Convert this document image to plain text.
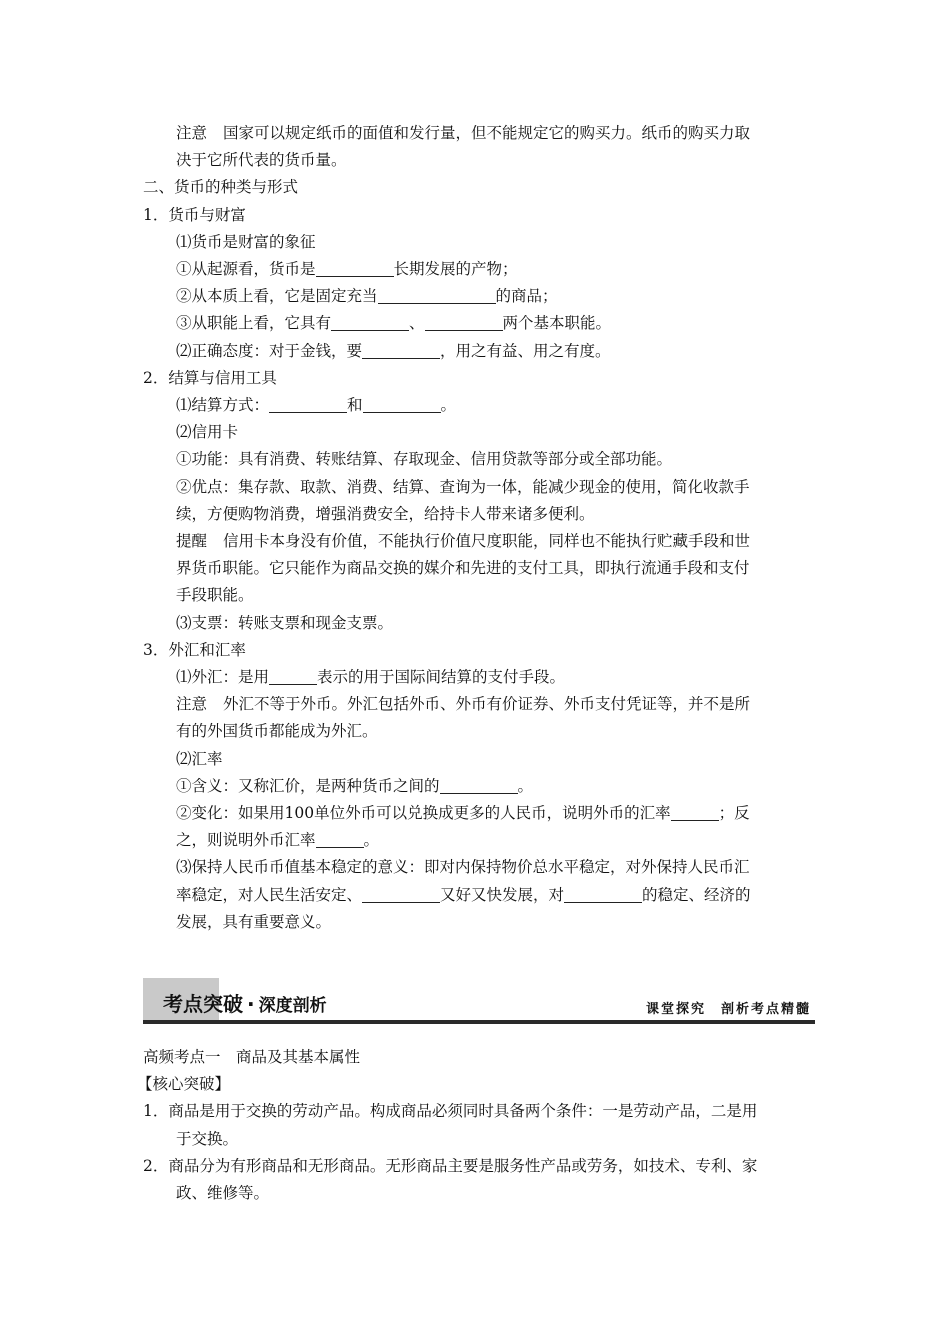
注意 国家可以规定纸币的面值和发行量，但不能规定它的购买力。纸币的购买力取
决于它所代表的货币量。
二、货币的种类与形式
1．货币与财富
⑴货币是财富的象征
①从起源看，货币是	长期发展的产物；
②从本质上看，它是固定充当	的商品；
③从职能上看，它具有	、	两个基本职能。
⑵正确态度：对于金钱，要	，用之有益、用之有度。
2．结算与信用工具
⑴结算方式：	和	。
⑵信用卡
①功能：具有消费、转账结算、存取现金、信用贷款等部分或全部功能。
②优点：集存款、取款、消费、结算、查询为一体，能减少现金的使用，简化收款手
续，方便购物消费，增强消费安全，给持卡人带来诸多便利。
提醒 信用卡本身没有价值，不能执行价值尺度职能，同样也不能执行贮藏手段和世
界货币职能。它只能作为商品交换的媒介和先进的支付工具，即执行流通手段和支付
手段职能。
⑶支票：转账支票和现金支票。
3．外汇和汇率
⑴外汇：是用	表示的用于国际间结算的支付手段。
注意 外汇不等于外币。外汇包括外币、外币有价证券、外币支付凭证等，并不是所
有的外国货币都能成为外汇。
⑵汇率
①含义：又称汇价，是两种货币之间的	。
②变化：如果用100单位外币可以兑换成更多的人民币，说明外币的汇率	；反
之，则说明外币汇率	。
⑶保持人民币币值基本稳定的意义：即对内保持物价总水平稳定，对外保持人民币汇
率稳定，对人民生活安定、	又好又快发展，对	的稳定、经济的
发展，具有重要意义。
考点突破 · 深度剖析	课堂探究　剖析考点精髓
高频考点一　商品及其基本属性
【核心突破】
1．商品是用于交换的劳动产品。构成商品必须同时具备两个条件：一是劳动产品，二是用
于交换。
2．商品分为有形商品和无形商品。无形商品主要是服务性产品或劳务，如技术、专利、家
政、维修等。
